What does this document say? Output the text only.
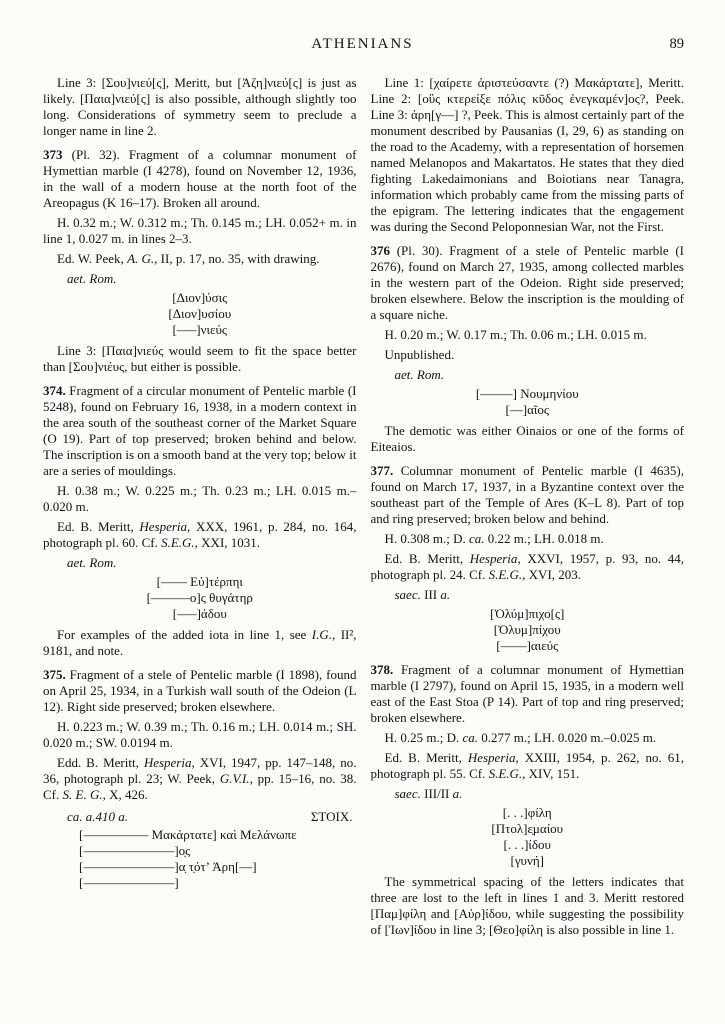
ATHENIANS	89

Line 3: [Σου]νιεύ[ς], Meritt, but [Ἀζη]νιεύ[ς] is just as likely. [Παια]νιεύ[ς] is also possible, although slightly too long. Considerations of symmetry seem to preclude a longer name in line 2.

373 (Pl. 32). Fragment of a columnar monument of Hymettian marble (I 4278), found on November 12, 1936, in the wall of a modern house at the north foot of the Areopagus (K 16–17). Broken all around.

H. 0.32 m.; W. 0.312 m.; Th. 0.145 m.; LH. 0.052+ m. in line 1, 0.027 m. in lines 2–3.

Ed. W. Peek, A. G., II, p. 17, no. 35, with drawing.

aet. Rom.

[Διον]ύσις
[Διον]υσίου
[–––]νιεύς

Line 3: [Παια]νιεύς would seem to fit the space better than [Σου]νιέυς, but either is possible.

374. Fragment of a circular monument of Pentelic marble (I 5248), found on February 16, 1938, in a modern context in the area south of the southeast corner of the Market Square (O 19). Part of top preserved; broken behind and below. The inscription is on a smooth band at the very top; below it are a series of mouldings.

H. 0.38 m.; W. 0.225 m.; Th. 0.23 m.; LH. 0.015 m.–0.020 m.

Ed. B. Meritt, Hesperia, XXX, 1961, p. 284, no. 164, photograph pl. 60. Cf. S.E.G., XXI, 1031.

aet. Rom.

[–––– Εὐ]τέρπηι
[––––––ο]ς θυγάτηρ
[–––]άδου

For examples of the added iota in line 1, see I.G., II², 9181, and note.

375. Fragment of a stele of Pentelic marble (I 1898), found on April 25, 1934, in a Turkish wall south of the Odeion (L 12). Right side preserved; broken elsewhere.

H. 0.223 m.; W. 0.39 m.; Th. 0.16 m.; LH. 0.014 m.; SH. 0.020 m.; SW. 0.0194 m.

Edd. B. Meritt, Hesperia, XVI, 1947, pp. 147–148, no. 36, photograph pl. 23; W. Peek, G.V.I., pp. 15–16, no. 38. Cf. S. E. G., X, 426.

ca. a.410 a.	ΣΤΟΙΧ.
[–––––––––– Μακάρτατε] καὶ Μελάνωπε
[––––––––––––––]ο̣ς
[––––––––––––––]α̣ τ̣ότ’ Ἀρη[––]
[––––––––––––––]

Line 1: [χαίρετε ἀριστεύσαντε (?) Μακάρτατε], Meritt. Line 2: [οὓς κτερείξε πόλις κῦδος ἐνεγκαμέν]ος?, Peek. Line 3: ἀρη[γ––] ?, Peek. This is almost certainly part of the monument described by Pausanias (I, 29, 6) as standing on the road to the Academy, with a representation of horsemen named Melanopos and Makartatos. He states that they died fighting Lakedaimonians and Boiotians near Tanagra, information which probably came from the missing parts of the epigram. The lettering indicates that the engagement was during the Second Peloponnesian War, not the First.

376 (Pl. 30). Fragment of a stele of Pentelic marble (I 2676), found on March 27, 1935, among collected marbles in the western part of the Odeion. Right side preserved; broken elsewhere. Below the inscription is the moulding of a square niche.

H. 0.20 m.; W. 0.17 m.; Th. 0.06 m.; LH. 0.015 m.

Unpublished.

aet. Rom.

[–––––] Νουμηνίου
[––]αῖος

The demotic was either Oinaios or one of the forms of Eiteaios.

377. Columnar monument of Pentelic marble (I 4635), found on March 17, 1937, in a Byzantine context over the southeast part of the Temple of Ares (K–L 8). Part of top and ring preserved; broken below and behind.

H. 0.308 m.; D. ca. 0.22 m.; LH. 0.018 m.

Ed. B. Meritt, Hesperia, XXVI, 1957, p. 93, no. 44, photograph pl. 24. Cf. S.E.G., XVI, 203.

saec. III a.

[Ὀλύμ]πιχο[ς]
[Ὀλυμ]πίχου
[––––]αιεύς

378. Fragment of a columnar monument of Hymettian marble (I 2797), found on April 15, 1935, in a modern well east of the East Stoa (P 14). Part of top and ring preserved; broken elsewhere.

H. 0.25 m.; D. ca. 0.277 m.; LH. 0.020 m.–0.025 m.

Ed. B. Meritt, Hesperia, XXIII, 1954, p. 262, no. 61, photograph pl. 55. Cf. S.E.G., XIV, 151.

saec. III/II a.

[. . .]φίλη
[Πτολ]ε̣μαίου
[. . .]ίδου
[γυνή]

The symmetrical spacing of the letters indicates that three are lost to the left in lines 1 and 3. Meritt restored [Παμ]φίλη and [Αὐρ]ίδου, while suggesting the possibility of [Ἰων]ίδου in line 3; [Θεο]φίλη is also possible in line 1.
